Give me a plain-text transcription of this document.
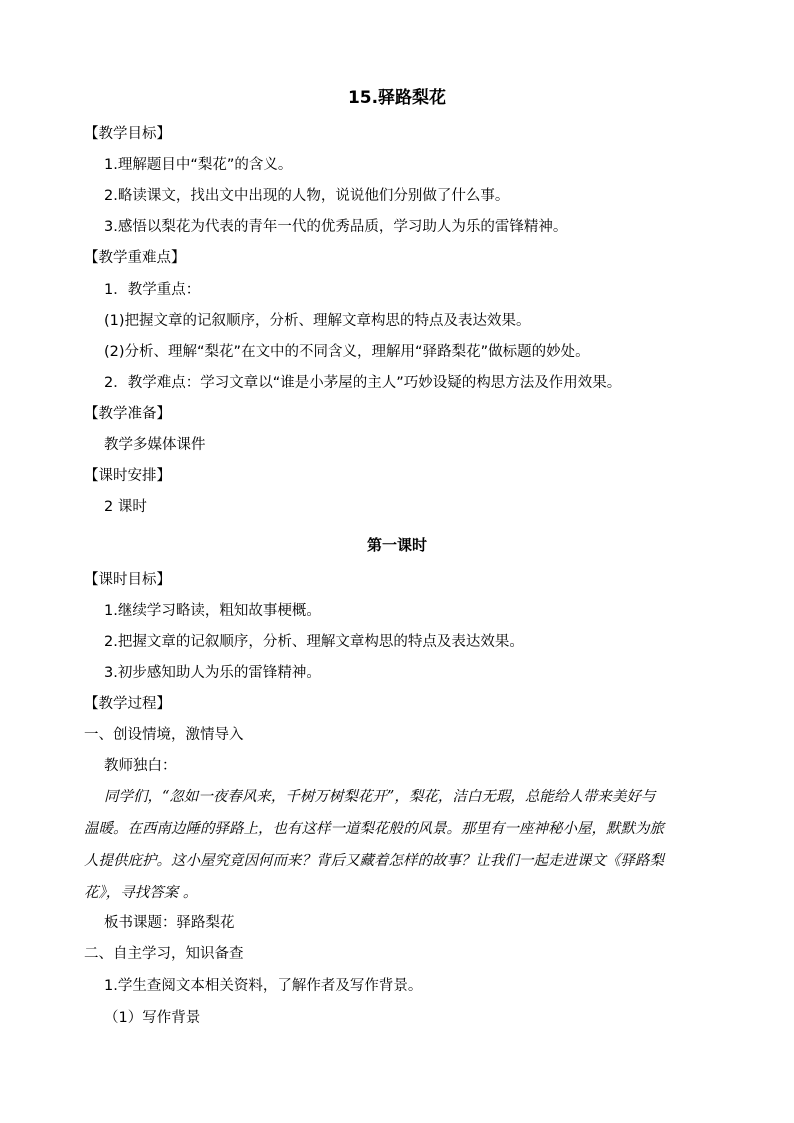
15.驿路梨花
【教学目标】
1.理解题目中“梨花”的含义。
2.略读课文，找出文中出现的人物，说说他们分别做了什么事。
3.感悟以梨花为代表的青年一代的优秀品质，学习助人为乐的雷锋精神。
【教学重难点】
1．教学重点：
(1)把握文章的记叙顺序，分析、理解文章构思的特点及表达效果。
(2)分析、理解“梨花”在文中的不同含义，理解用“驿路梨花”做标题的妙处。
2．教学难点：学习文章以“谁是小茅屋的主人”巧妙设疑的构思方法及作用效果。
【教学准备】
教学多媒体课件
【课时安排】
2 课时
第一课时
【课时目标】
1.继续学习略读，粗知故事梗概。
2.把握文章的记叙顺序，分析、理解文章构思的特点及表达效果。
3.初步感知助人为乐的雷锋精神。
【教学过程】
一、创设情境，激情导入
教师独白：
同学们，“忽如一夜春风来，千树万树梨花开”，梨花，洁白无瑕，总能给人带来美好与
温暖。在西南边陲的驿路上，也有这样一道梨花般的风景。那里有一座神秘小屋，默默为旅
人提供庇护。这小屋究竟因何而来？背后又藏着怎样的故事？让我们一起走进课文《驿路梨
花》，寻找答案 。
板书课题：驿路梨花
二、自主学习，知识备查
1.学生查阅文本相关资料，了解作者及写作背景。
（1）写作背景
